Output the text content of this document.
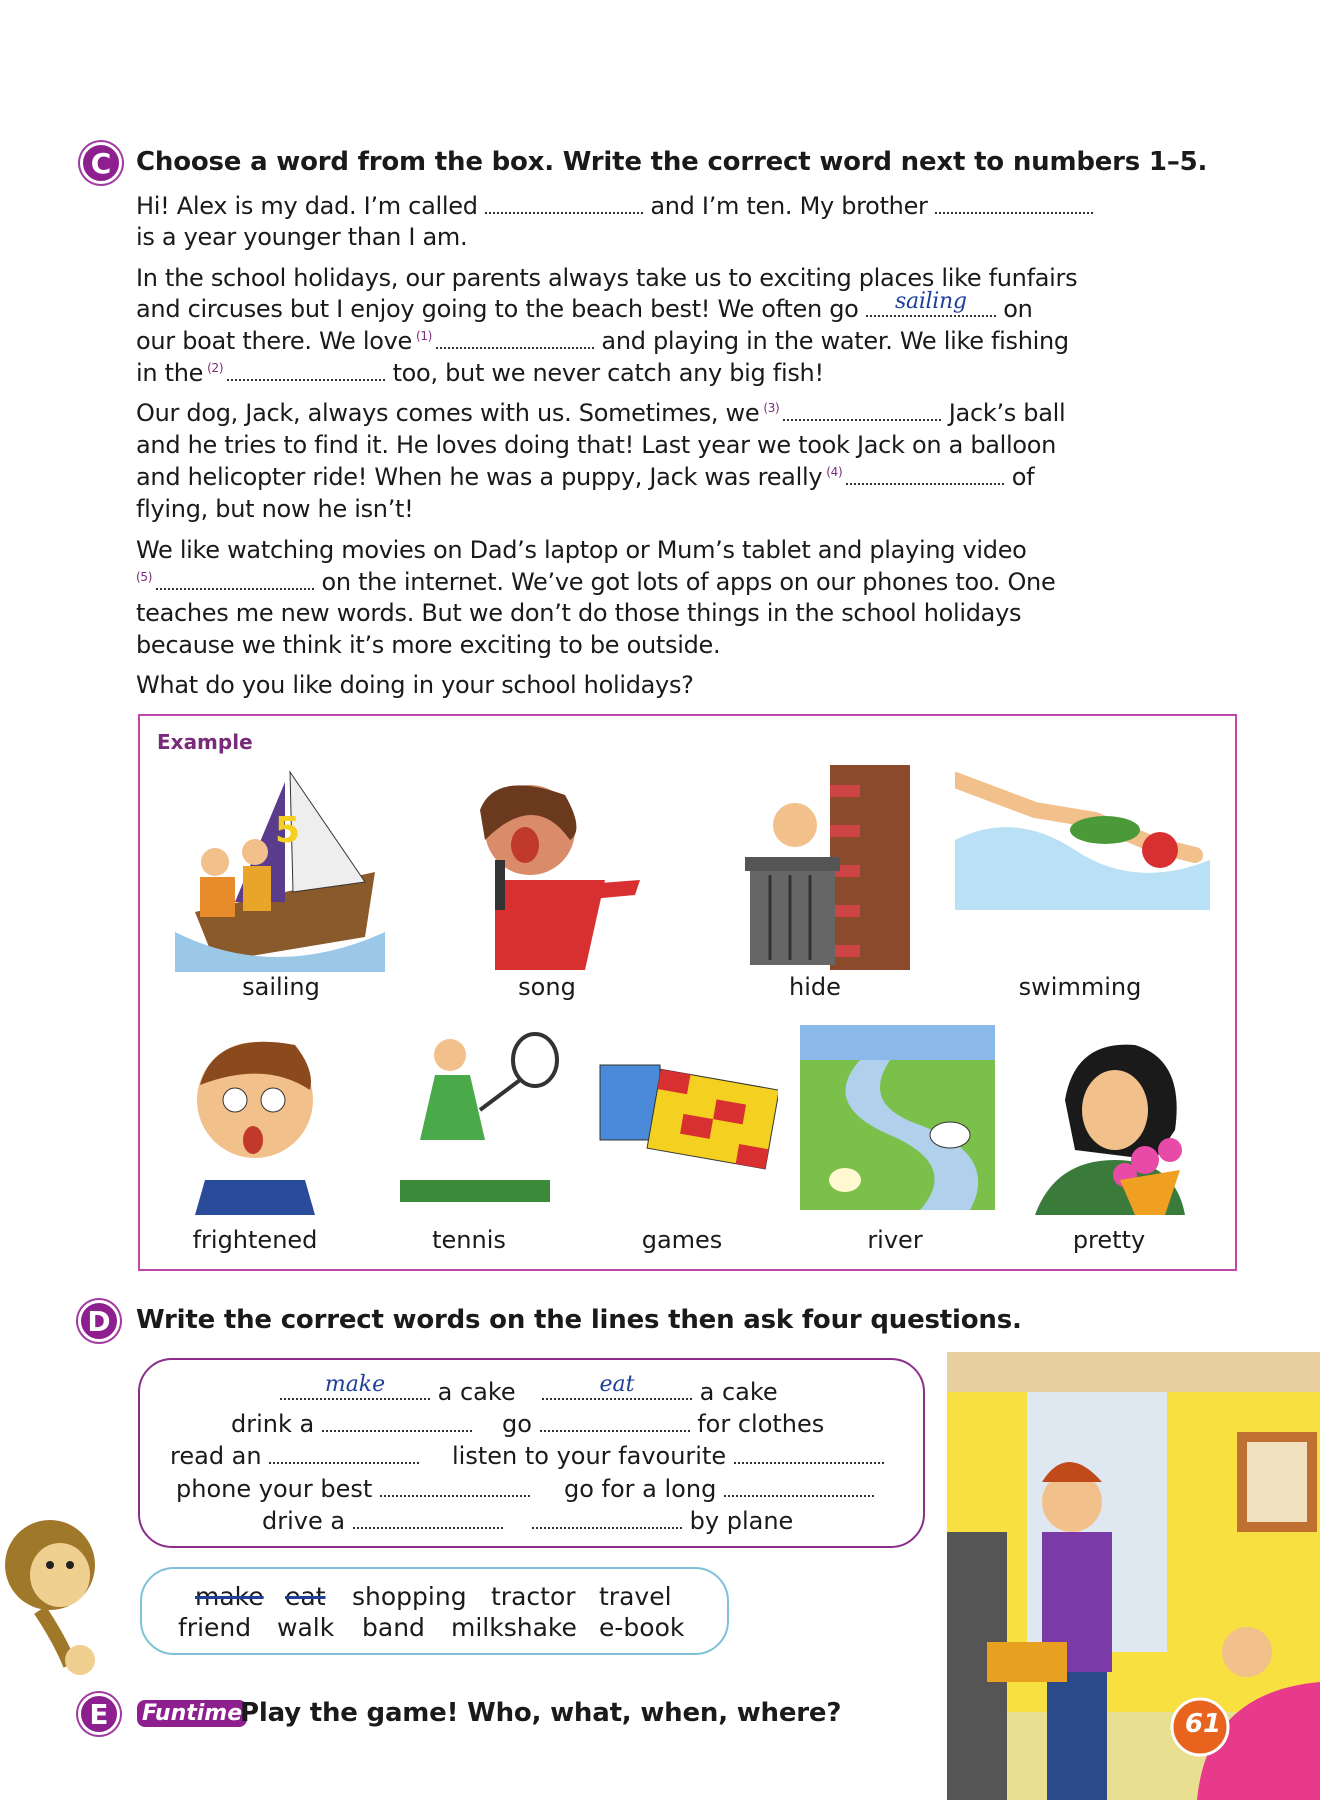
C Choose a word from the box. Write the correct word next to numbers 1–5.
Hi! Alex is my dad. I’m called	and I’m ten. My brother
is a year younger than I am.
In the school holidays, our parents always take us to exciting places like funfairs
and circuses but I enjoy going to the beach best! We often go	sailing	on
our boat there. We love $^{(1)}$	and playing in the water. We like fishing
in the $^{(2)}$	too, but we never catch any big fish!
Our dog, Jack, always comes with us. Sometimes, we $^{(3)}$	Jack’s ball
and he tries to find it. He loves doing that! Last year we took Jack on a balloon
and helicopter ride! When he was a puppy, Jack was really $^{(4)}$	of
flying, but now he isn’t!
We like watching movies on Dad’s laptop or Mum’s tablet and playing video
$^{(5)}$	on the internet. We’ve got lots of apps on our phones too. One
teaches me new words. But we don’t do those things in the school holidays
because we think it’s more exciting to be outside.
What do you like doing in your school holidays?
Example
5
sailing	song	hide	swimming
frightened	tennis	games	river	pretty
D Write the correct words on the lines then ask four questions.
make	a cake	eat	a cake
drink a	go	for clothes
read an	listen to your favourite
phone your best	go for a long
drive a	by plane
make eat shopping tractor travel
friend walk band milkshake e-book
E	Funtime
Play the game! Who, what, when, where?	61
